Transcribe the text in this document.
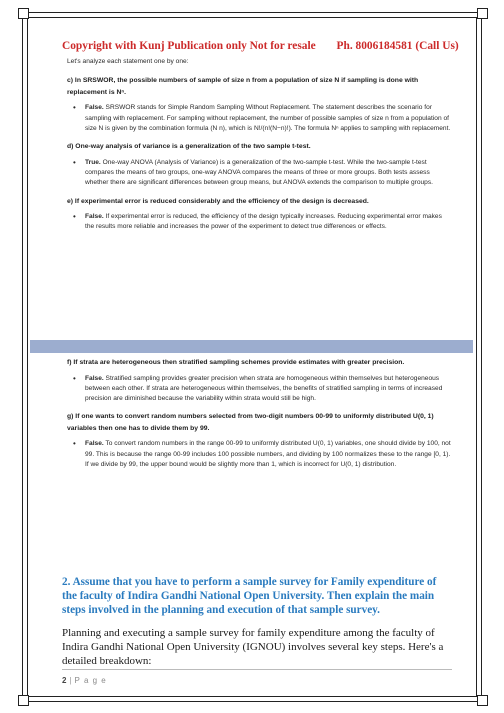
Copyright with Kunj Publication only Not for resale Ph. 8006184581 (Call Us)

Let's analyze each statement one by one:

c) In SRSWOR, the possible numbers of sample of size n from a population of size N if sampling is done with replacement is Nⁿ.

• False. SRSWOR stands for Simple Random Sampling Without Replacement. The statement describes the scenario for sampling with replacement. For sampling without replacement, the number of possible samples of size n from a population of size N is given by the combination formula (N n), which is N!/(n!(N−n)!). The formula Nⁿ applies to sampling with replacement.

d) One-way analysis of variance is a generalization of the two sample t-test.

• True. One-way ANOVA (Analysis of Variance) is a generalization of the two-sample t-test. While the two-sample t-test compares the means of two groups, one-way ANOVA compares the means of three or more groups. Both tests assess whether there are significant differences between group means, but ANOVA extends the comparison to multiple groups.

e) If experimental error is reduced considerably and the efficiency of the design is decreased.

• False. If experimental error is reduced, the efficiency of the design typically increases. Reducing experimental error makes the results more reliable and increases the power of the experiment to detect true differences or effects.

f) If strata are heterogeneous then stratified sampling schemes provide estimates with greater precision.

• False. Stratified sampling provides greater precision when strata are homogeneous within themselves but heterogeneous between each other. If strata are heterogeneous within themselves, the benefits of stratified sampling in terms of increased precision are diminished because the variability within strata would still be high.

g) If one wants to convert random numbers selected from two-digit numbers 00-99 to uniformly distributed U(0, 1) variables then one has to divide them by 99.

• False. To convert random numbers in the range 00-99 to uniformly distributed U(0, 1) variables, one should divide by 100, not 99. This is because the range 00-99 includes 100 possible numbers, and dividing by 100 normalizes these to the range [0, 1). If we divide by 99, the upper bound would be slightly more than 1, which is incorrect for U(0, 1) distribution.
2. Assume that you have to perform a sample survey for Family expenditure of the faculty of Indira Gandhi National Open University. Then explain the main steps involved in the planning and execution of that sample survey.
Planning and executing a sample survey for family expenditure among the faculty of Indira Gandhi National Open University (IGNOU) involves several key steps. Here's a detailed breakdown:
2 | P a g e
